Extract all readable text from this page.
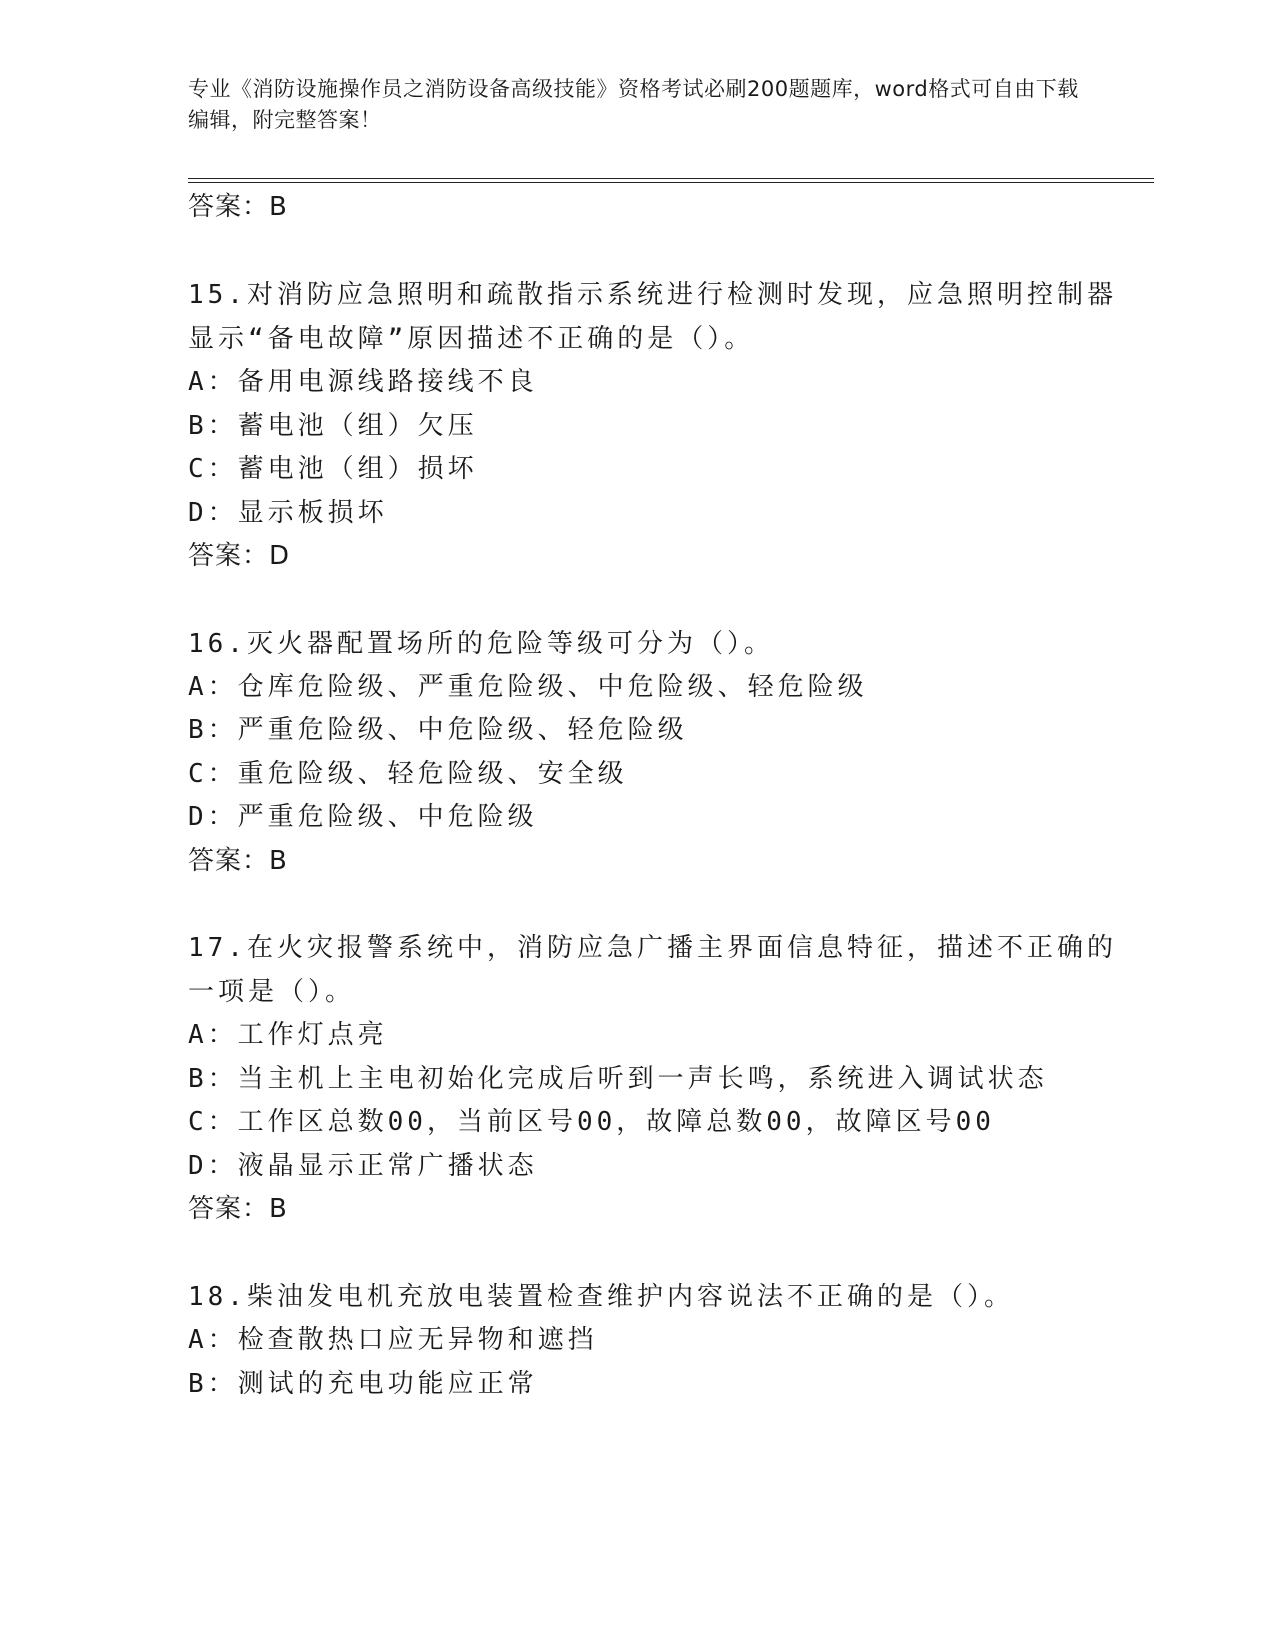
专业《消防设施操作员之消防设备高级技能》资格考试必刷200题题库，word格式可自由下载编辑，附完整答案！
答案：B
15.对消防应急照明和疏散指示系统进行检测时发现，应急照明控制器
显示“备电故障”原因描述不正确的是（）。
A：备用电源线路接线不良
B：蓄电池（组）欠压
C：蓄电池（组）损坏
D：显示板损坏
答案：D
16.灭火器配置场所的危险等级可分为（）。
A：仓库危险级、严重危险级、中危险级、轻危险级
B：严重危险级、中危险级、轻危险级
C：重危险级、轻危险级、安全级
D：严重危险级、中危险级
答案：B
17.在火灾报警系统中，消防应急广播主界面信息特征，描述不正确的
一项是（）。
A：工作灯点亮
B：当主机上主电初始化完成后听到一声长鸣，系统进入调试状态
C：工作区总数00，当前区号00，故障总数00，故障区号00
D：液晶显示正常广播状态
答案：B
18.柴油发电机充放电装置检查维护内容说法不正确的是（）。
A：检查散热口应无异物和遮挡
B：测试的充电功能应正常
